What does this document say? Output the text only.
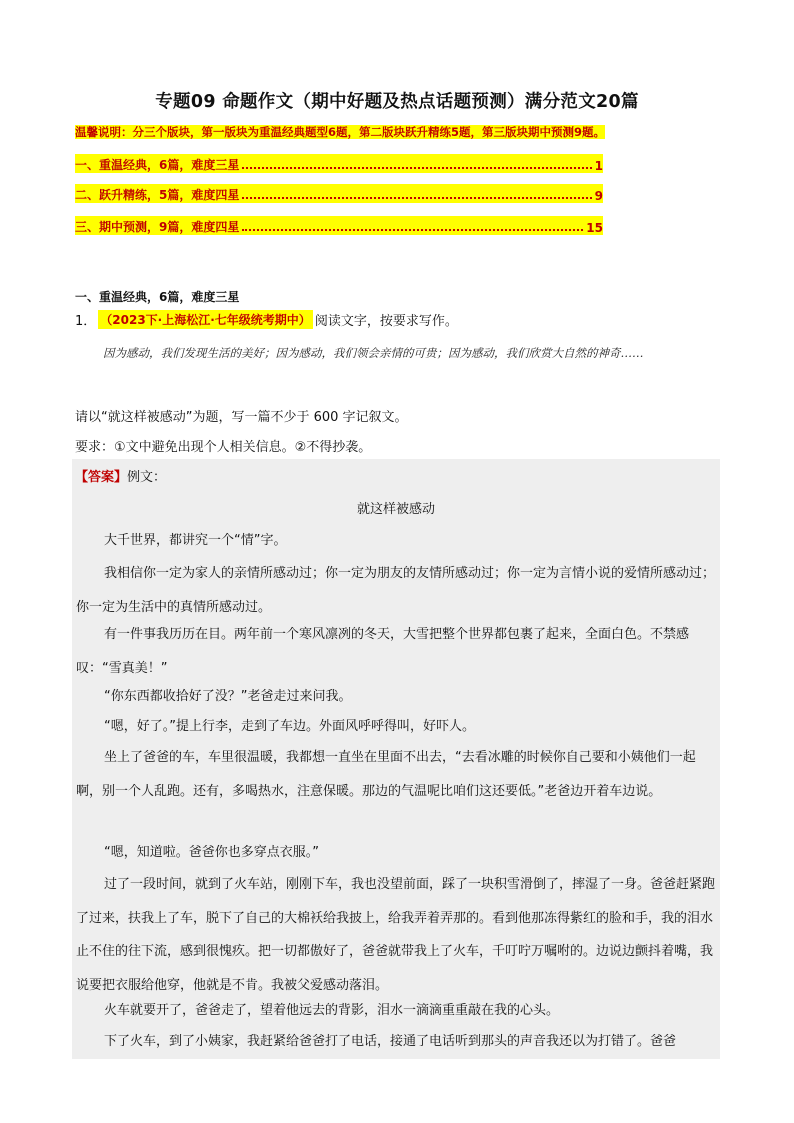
专题09 命题作文（期中好题及热点话题预测）满分范文20篇
温馨说明：分三个版块，第一版块为重温经典题型6题，第二版块跃升精练5题，第三版块期中预测9题。
一、重温经典，6篇，难度三星	1
二、跃升精练，5篇，难度四星	9
三、期中预测，9篇，难度四星	15
一、重温经典，6篇，难度三星
1． （2023下·上海松江·七年级统考期中） 阅读文字，按要求写作。
因为感动，我们发现生活的美好；因为感动，我们领会亲情的可贵；因为感动，我们欣赏大自然的神奇……
请以“就这样被感动”为题，写一篇不少于 600 字记叙文。
要求：①文中避免出现个人相关信息。②不得抄袭。
【答案】例文：
就这样被感动
大千世界，都讲究一个“情”字。
我相信你一定为家人的亲情所感动过；你一定为朋友的友情所感动过；你一定为言情小说的爱情所感动过；你一定为生活中的真情所感动过。
有一件事我历历在目。两年前一个寒风凛冽的冬天，大雪把整个世界都包裹了起来，全面白色。不禁感叹：“雪真美！”
“你东西都收拾好了没？”老爸走过来问我。
“嗯，好了。”提上行李，走到了车边。外面风呼呼得叫，好吓人。
坐上了爸爸的车，车里很温暖，我都想一直坐在里面不出去，“去看冰雕的时候你自己要和小姨他们一起啊，别一个人乱跑。还有，多喝热水，注意保暖。那边的气温呢比咱们这还要低。”老爸边开着车边说。
“嗯，知道啦。爸爸你也多穿点衣服。”
过了一段时间，就到了火车站，刚刚下车，我也没望前面，踩了一块积雪滑倒了，摔湿了一身。爸爸赶紧跑了过来，扶我上了车，脱下了自己的大棉袄给我披上，给我弄着弄那的。看到他那冻得紫红的脸和手，我的泪水止不住的往下流，感到很愧疚。把一切都傲好了，爸爸就带我上了火车，千叮咛万嘱咐的。边说边颤抖着嘴，我说要把衣服给他穿，他就是不肯。我被父爱感动落泪。
火车就要开了，爸爸走了，望着他远去的背影，泪水一滴滴重重敲在我的心头。
下了火车，到了小姨家，我赶紧给爸爸打了电话，接通了电话听到那头的声音我还以为打错了。爸爸
